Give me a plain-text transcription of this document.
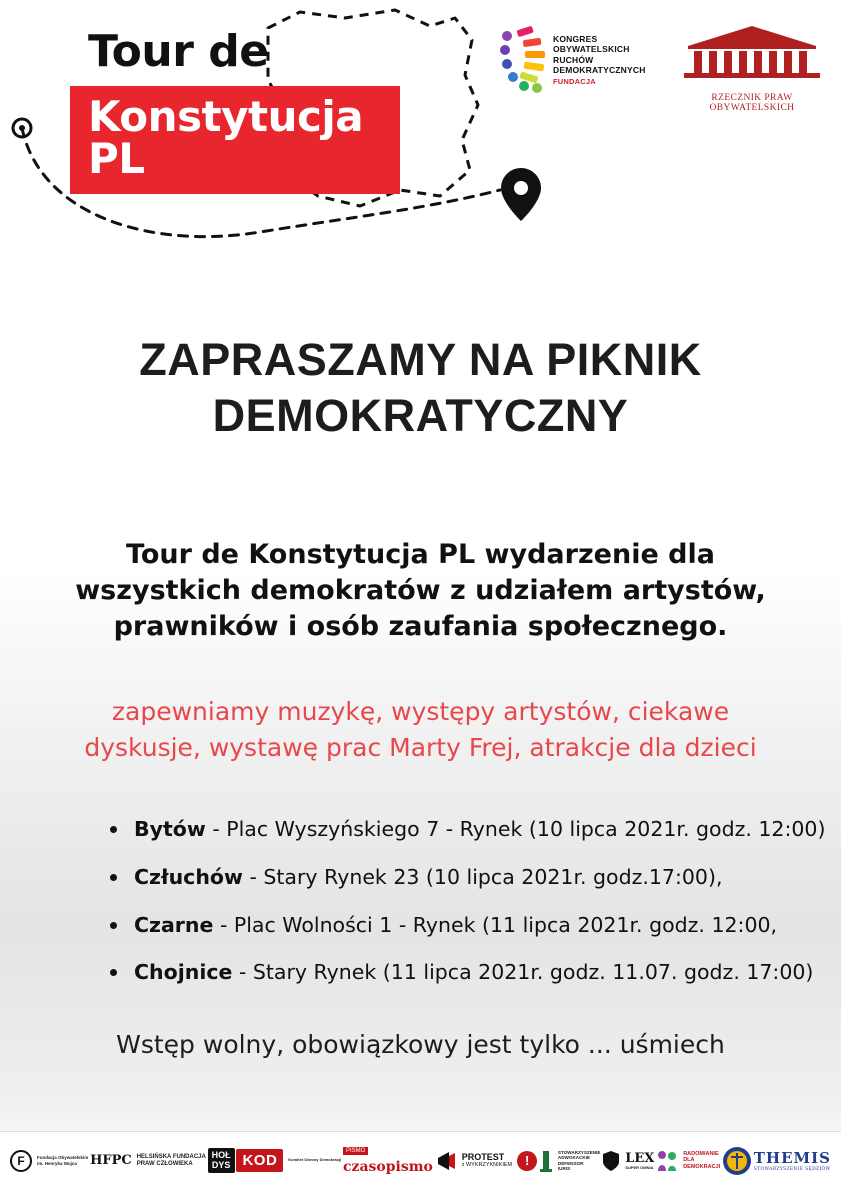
Tour de
Konstytucja PL
KONGRES
OBYWATELSKICH
RUCHÓW
DEMOKRATYCZNYCH
FUNDACJA
RZECZNIK PRAW OBYWATELSKICH
ZAPRASZAMY NA PIKNIK
DEMOKRATYCZNY
Tour de Konstytucja PL wydarzenie dla wszystkich demokratów z udziałem artystów, prawników i osób zaufania społecznego.
zapewniamy muzykę, występy artystów, ciekawe dyskusje, wystawę prac Marty Frej, atrakcje dla dzieci
Bytów - Plac Wyszyńskiego 7 - Rynek (10 lipca 2021r. godz. 12:00)
Człuchów - Stary Rynek 23 (10 lipca 2021r. godz.17:00),
Czarne - Plac Wolności 1 - Rynek (11 lipca 2021r. godz. 12:00,
Chojnice - Stary Rynek (11 lipca 2021r. godz. 11.07. godz. 17:00)
Wstęp wolny, obowiązkowy jest tylko ... uśmiech
F	Fundacja Obywatelskim
im. Henryka Wujca	HFPC HELSIŃSKA FUNDACJA
PRAW CZŁOWIEKA
HOŁ
DYS KOD	Komitet Obrony Demokracji
PISMO
czasopismo
PROTEST
z WYKRZYKNIKIEM !
STOWARZYSZENIE
ADWOKACKIE
DEFENSOR
IURIS
LEX
SUPER OMNIA
RADOMIANIE
DLA
DEMOKRACJI THEMIS
STOWARZYSZENIE SĘDZIÓW
